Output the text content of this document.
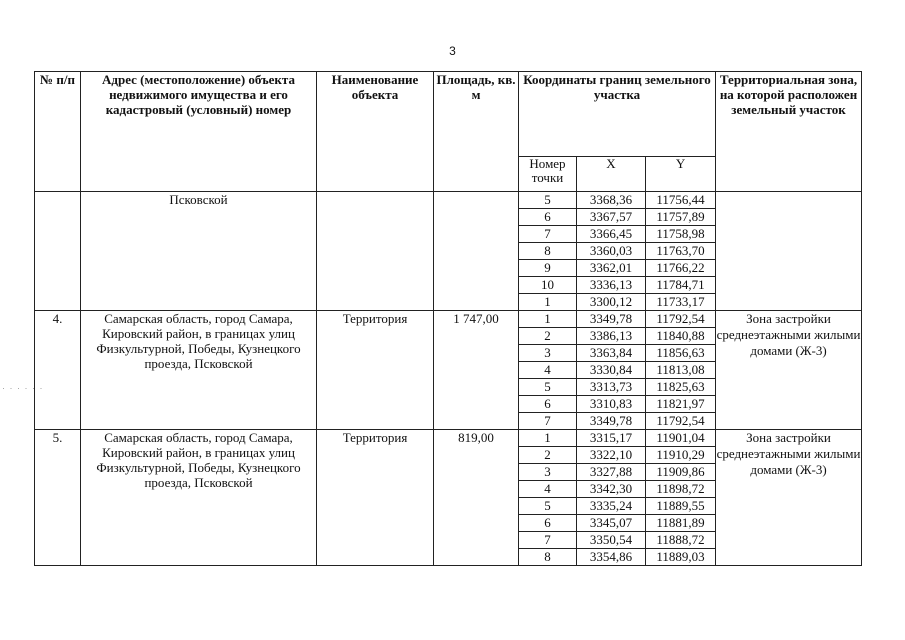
3
№ п/п	Адрес (местоположение) объекта недвижимого имущества и его кадастровый (условный) номер	Наименование объекта	Площадь, кв. м	Координаты границ земельного участка			Территориальная зона, на которой расположен земельный участок
				Номер точки	X	Y	
	Псковской			5	3368,36	11756,44	
				6	3367,57	11757,89	
				7	3366,45	11758,98	
				8	3360,03	11763,70	
				9	3362,01	11766,22	
				10	3336,13	11784,71	
				1	3300,12	11733,17	
4.	Самарская область, город Самара, Кировский район, в границах улиц Физкультурной, Победы, Кузнецкого проезда, Псковской	Территория	1 747,00	1	3349,78	11792,54	Зона застройки среднеэтажными жилыми домами (Ж-3)
				2	3386,13	11840,88	
				3	3363,84	11856,63	
				4	3330,84	11813,08	
				5	3313,73	11825,63	
				6	3310,83	11821,97	
				7	3349,78	11792,54	
5.	Самарская область, город Самара, Кировский район, в границах улиц Физкультурной, Победы, Кузнецкого проезда, Псковской	Территория	819,00	1	3315,17	11901,04	Зона застройки среднеэтажными жилыми домами (Ж-3)
				2	3322,10	11910,29	
				3	3327,88	11909,86	
				4	3342,30	11898,72	
				5	3335,24	11889,55	
				6	3345,07	11881,89	
				7	3350,54	11888,72	
				8	3354,86	11889,03	
· · · · · ·
